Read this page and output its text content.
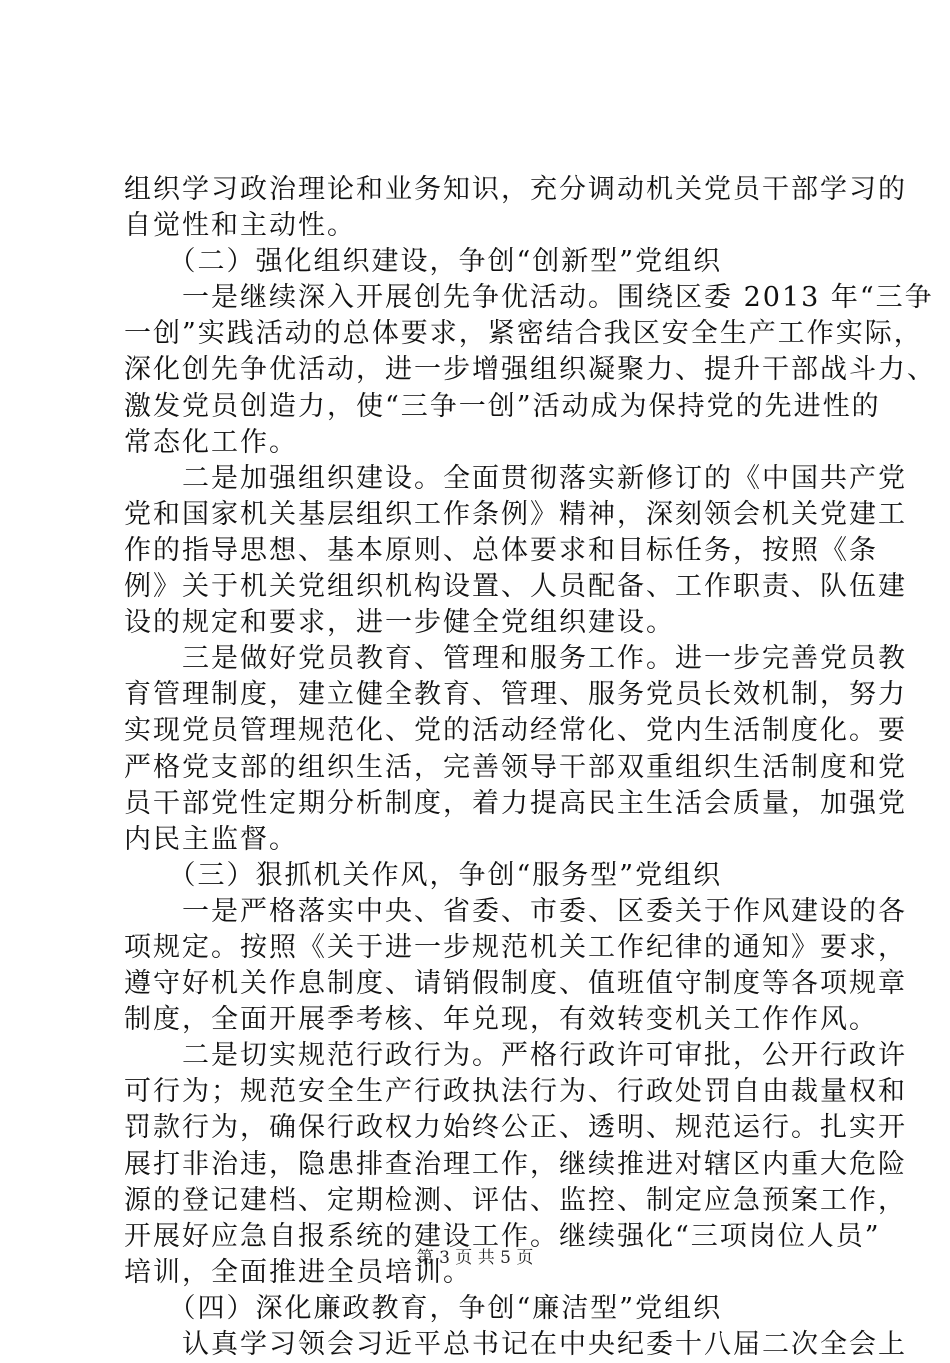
组织学习政治理论和业务知识，充分调动机关党员干部学习的
自觉性和主动性。
　　（二）强化组织建设，争创“创新型”党组织
　　一是继续深入开展创先争优活动。围绕区委 2013 年“三争
一创”实践活动的总体要求，紧密结合我区安全生产工作实际，
深化创先争优活动，进一步增强组织凝聚力、提升干部战斗力、
激发党员创造力，使“三争一创”活动成为保持党的先进性的
常态化工作。
　　二是加强组织建设。全面贯彻落实新修订的《中国共产党
党和国家机关基层组织工作条例》精神，深刻领会机关党建工
作的指导思想、基本原则、总体要求和目标任务，按照《条
例》关于机关党组织机构设置、人员配备、工作职责、队伍建
设的规定和要求，进一步健全党组织建设。
　　三是做好党员教育、管理和服务工作。进一步完善党员教
育管理制度，建立健全教育、管理、服务党员长效机制，努力
实现党员管理规范化、党的活动经常化、党内生活制度化。要
严格党支部的组织生活，完善领导干部双重组织生活制度和党
员干部党性定期分析制度，着力提高民主生活会质量，加强党
内民主监督。
　　（三）狠抓机关作风，争创“服务型”党组织
　　一是严格落实中央、省委、市委、区委关于作风建设的各
项规定。按照《关于进一步规范机关工作纪律的通知》要求，
遵守好机关作息制度、请销假制度、值班值守制度等各项规章
制度，全面开展季考核、年兑现，有效转变机关工作作风。
　　二是切实规范行政行为。严格行政许可审批，公开行政许
可行为；规范安全生产行政执法行为、行政处罚自由裁量权和
罚款行为，确保行政权力始终公正、透明、规范运行。扎实开
展打非治违，隐患排查治理工作，继续推进对辖区内重大危险
源的登记建档、定期检测、评估、监控、制定应急预案工作，
开展好应急自报系统的建设工作。继续强化“三项岗位人员”
培训，全面推进全员培训。
　　（四）深化廉政教育，争创“廉洁型”党组织
　　认真学习领会习近平总书记在中央纪委十八届二次全会上
第 3 页 共 5 页
